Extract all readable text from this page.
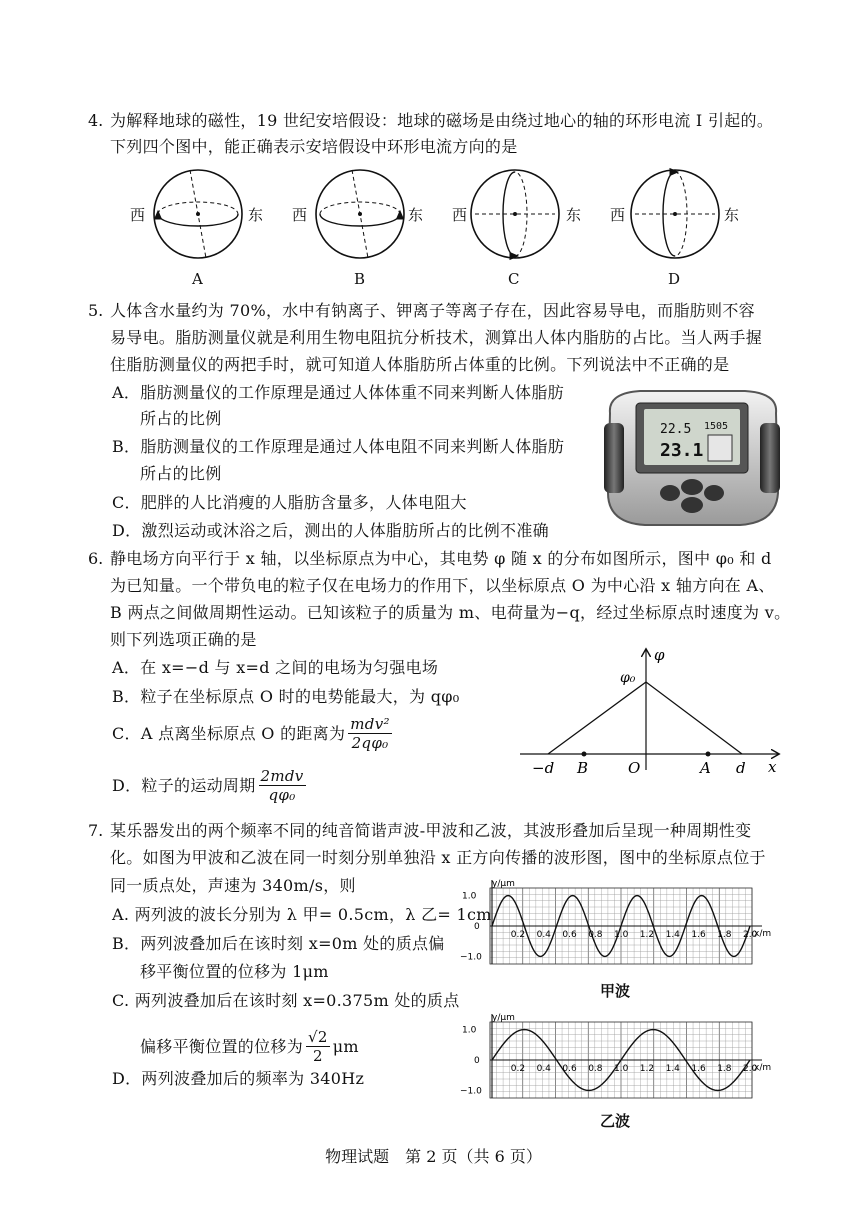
4. 为解释地球的磁性，19 世纪安培假设：地球的磁场是由绕过地心的轴的环形电流 I 引起的。
下列四个图中，能正确表示安培假设中环形电流方向的是
西	东 西	东 西	东 西	东
A	B	C	D
5. 人体含水量约为 70%，水中有钠离子、钾离子等离子存在，因此容易导电，而脂肪则不容
易导电。脂肪测量仪就是利用生物电阻抗分析技术，测算出人体内脂肪的占比。当人两手握
住脂肪测量仪的两把手时，就可知道人体脂肪所占体重的比例。下列说法中不正确的是
A．脂肪测量仪的工作原理是通过人体体重不同来判断人体脂肪
所占的比例
B．脂肪测量仪的工作原理是通过人体电阻不同来判断人体脂肪
所占的比例
C．肥胖的人比消瘦的人脂肪含量多，人体电阻大
D．激烈运动或沐浴之后，测出的人体脂肪所占的比例不准确
22.5
23.1
1505
6. 静电场方向平行于 x 轴，以坐标原点为中心，其电势 φ 随 x 的分布如图所示，图中 φ₀ 和 d
为已知量。一个带负电的粒子仅在电场力的作用下，以坐标原点 O 为中心沿 x 轴方向在 A、
B 两点之间做周期性运动。已知该粒子的质量为 m、电荷量为−q，经过坐标原点时速度为 v。
则下列选项正确的是
A．在 x=−d 与 x=d 之间的电场为匀强电场
B．粒子在坐标原点 O 时的电势能最大，为 qφ₀
C．A 点离坐标原点 O 的距离为 $\frac{\text{mdv²}}{\text{2qφ₀}}$
D．粒子的运动周期 $\frac{\text{2mdv}}{\text{qφ₀}}$
φ
φ₀
x
−d B	O	A d
7. 某乐器发出的两个频率不同的纯音简谐声波-甲波和乙波，其波形叠加后呈现一种周期性变
化。如图为甲波和乙波在同一时刻分别单独沿 x 正方向传播的波形图，图中的坐标原点位于
同一质点处，声速为 340m/s，则
A. 两列波的波长分别为 λ 甲= 0.5cm，λ 乙= 1cm
B．两列波叠加后在该时刻 x=0m 处的质点偏
移平衡位置的位移为 1μm
C. 两列波叠加后在该时刻 x=0.375m 处的质点
偏移平衡位置的位移为 $\frac{√2}{2}$ μm
D．两列波叠加后的频率为 340Hz
y/μm
x/m
1.0
0
−1.0
0.2 0.4 0.6 0.8 1.0 1.2 1.4 1.6 1.8 2.0
甲波
y/μm
x/m
1.0
0
−1.0
0.2 0.4 0.6 0.8 1.0 1.2 1.4 1.6 1.8 2.0
乙波
物理试题　第 2 页（共 6 页）
